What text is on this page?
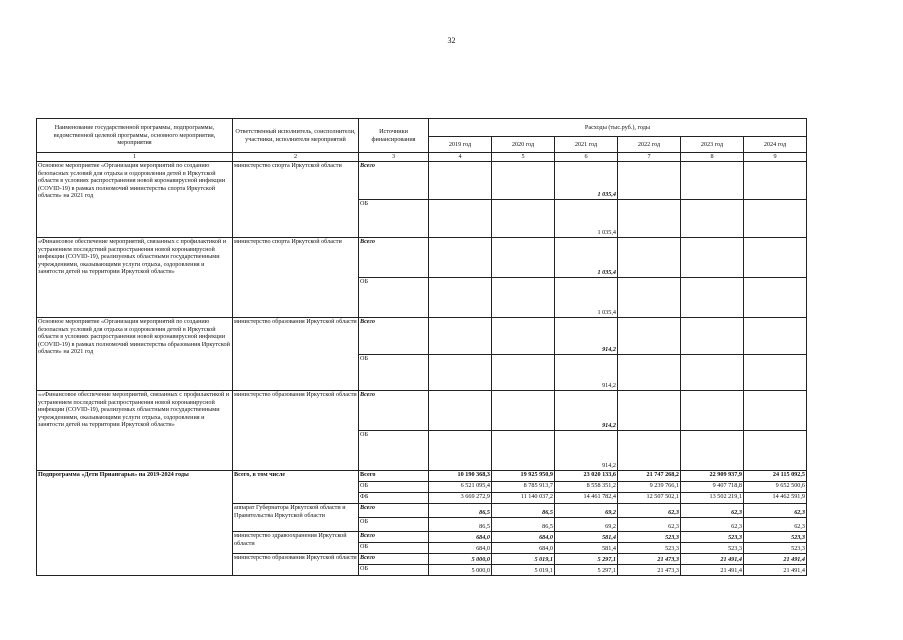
32
Наименование государственной программы, подпрограммы, ведомственной целевой программы, основного мероприятия, мероприятия	Ответственный исполнитель, соисполнители, участники, исполнители мероприятий	Источники финансирования	Расходы (тыс.руб.), годы					
			2019 год	2020 год	2021 год	2022 год	2023 год	2024 год
1	2	3	4	5	6	7	8	9
Основное мероприятие «Организация мероприятий по созданию безопасных условий для отдыха и оздоровления детей в Иркутской области в условиях распространения новой коронавирусной инфекции (COVID-19) в рамках полномочий министерства спорта Иркутской области» на 2021 год	министерство спорта Иркутской области	Всего			1 035,4			
		ОБ			1 035,4			
«Финансовое обеспечение мероприятий, связанных с профилактикой и устранением последствий распространения новой коронавирусной инфекции (COVID-19), реализуемых областными государственными учреждениями, оказывающими услуги отдыха, оздоровления и занятости детей на территории Иркутской области»	министерство спорта Иркутской области	Всего			1 035,4			
		ОБ			1 035,4			
Основное мероприятие «Организация мероприятий по созданию безопасных условий для отдыха и оздоровления детей в Иркутской области в условиях распространения новой коронавирусной инфекции (COVID-19) в рамках полномочий министерства образования Иркутской области» на 2021 год	министерство образования Иркутской области	Всего			914,2			
		ОБ			914,2			
««Финансовое обеспечение мероприятий, связанных с профилактикой и устранением последствий распространения новой коронавирусной инфекции (COVID-19), реализуемых областными государственными учреждениями, оказывающими услуги отдыха, оздоровления и занятости детей на территории Иркутской области»	министерство образования Иркутской области	Всего			914,2			
		ОБ			914,2			
Подпрограмма «Дети Приангарья» на 2019-2024 годы	Всего, в том числе	Всего	10 190 368,3	19 925 950,9	23 020 133,6	21 747 268,2	22 909 937,9	24 115 092,5
		ОБ	6 521 095,4	8 785 913,7	8 558 351,2	9 239 766,1	9 407 718,8	9 652 500,6
		ФБ	3 669 272,9	11 140 037,2	14 461 782,4	12 507 502,1	13 502 219,1	14 462 591,9
	аппарат Губернатора Иркутской области и Правительства Иркутской области	Всего	86,5	86,5	69,2	62,3	62,3	62,3
		ОБ	86,5	86,5	69,2	62,3	62,3	62,3
	министерство здравоохранения Иркутской области	Всего	684,0	684,0	581,4	523,3	523,3	523,3
		ОБ	684,0	684,0	581,4	523,3	523,3	523,3
	министерство образования Иркутской области	Всего	5 000,0	5 019,1	5 297,1	21 473,3	21 491,4	21 491,4
		ОБ	5 000,0	5 019,1	5 297,1	21 473,3	21 491,4	21 491,4
